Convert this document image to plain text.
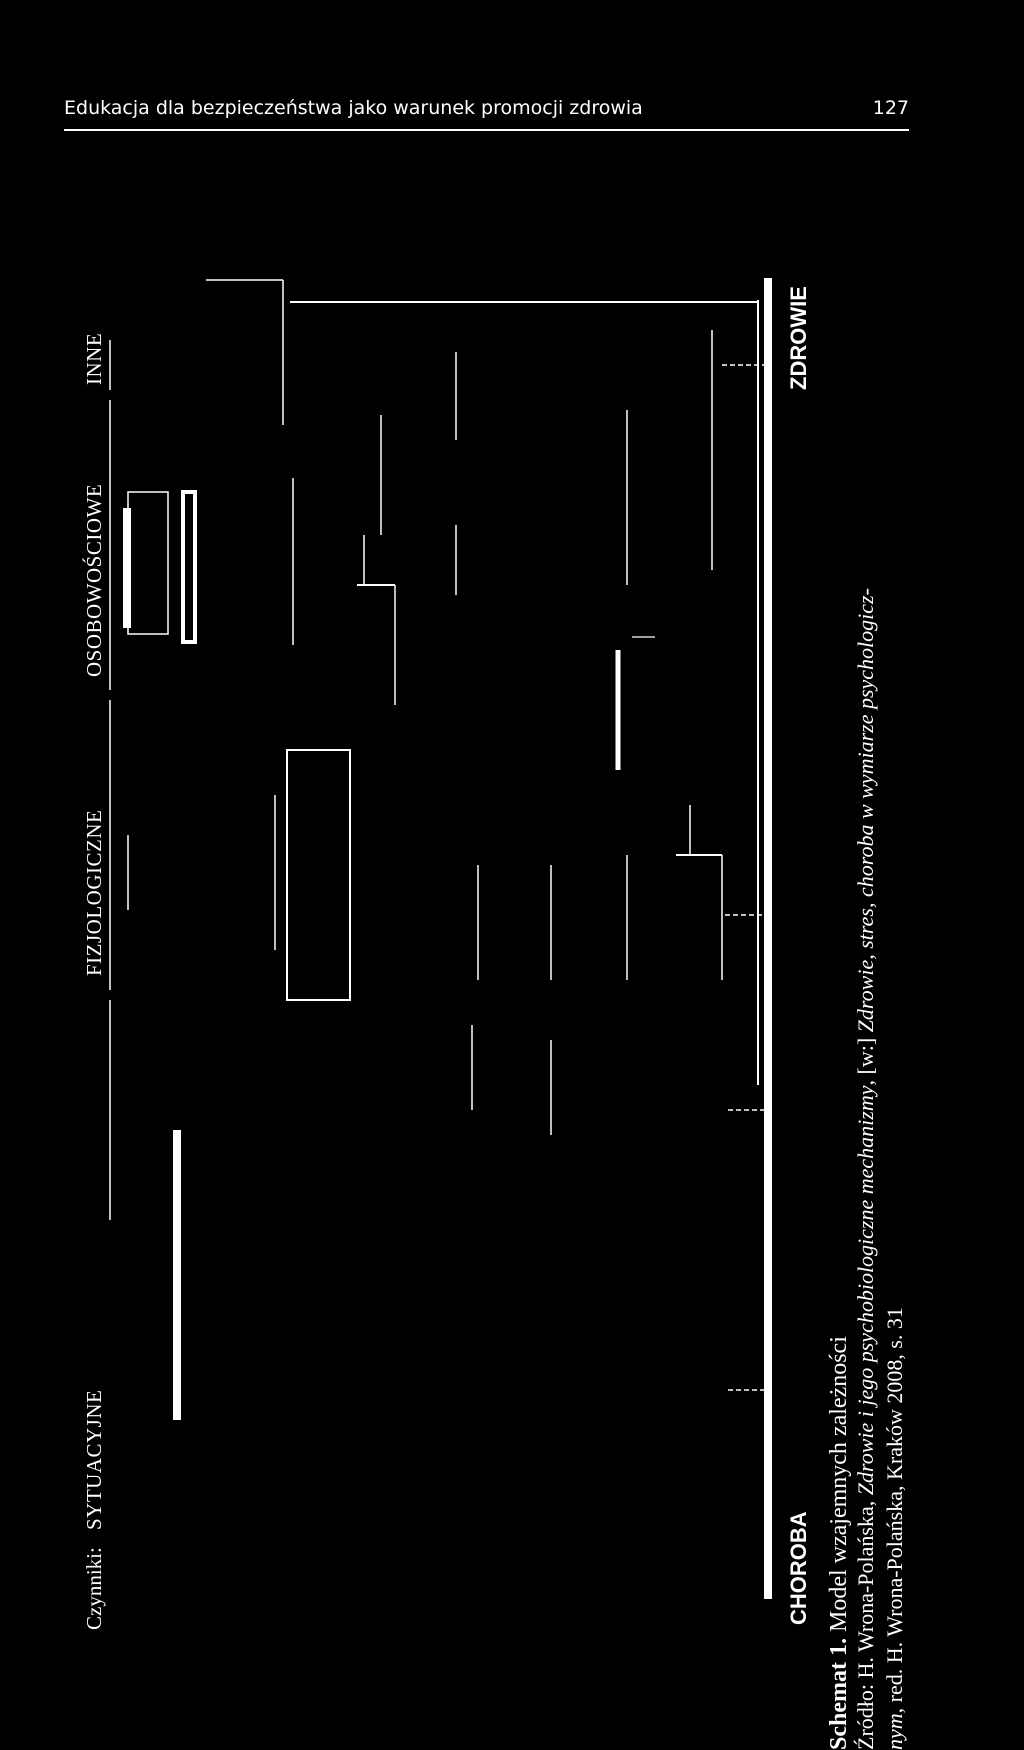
Edukacja dla bezpieczeństwa jako warunek promocji zdrowia	127
Czynniki:
SYTUACYJNE
FIZJOLOGICZNE
OSOBOWOŚCIOWE
INNE
CHOROBA
ZDROWIE
Schemat 1. Model wzajemnych zależności Źródło: H. Wrona-Polańska, Zdrowie i jego psychobiologiczne mechanizmy, [w:] Zdrowie, stres, choroba w wymiarze psychologicz-
nym, red. H. Wrona-Polańska, Kraków 2008, s. 31
